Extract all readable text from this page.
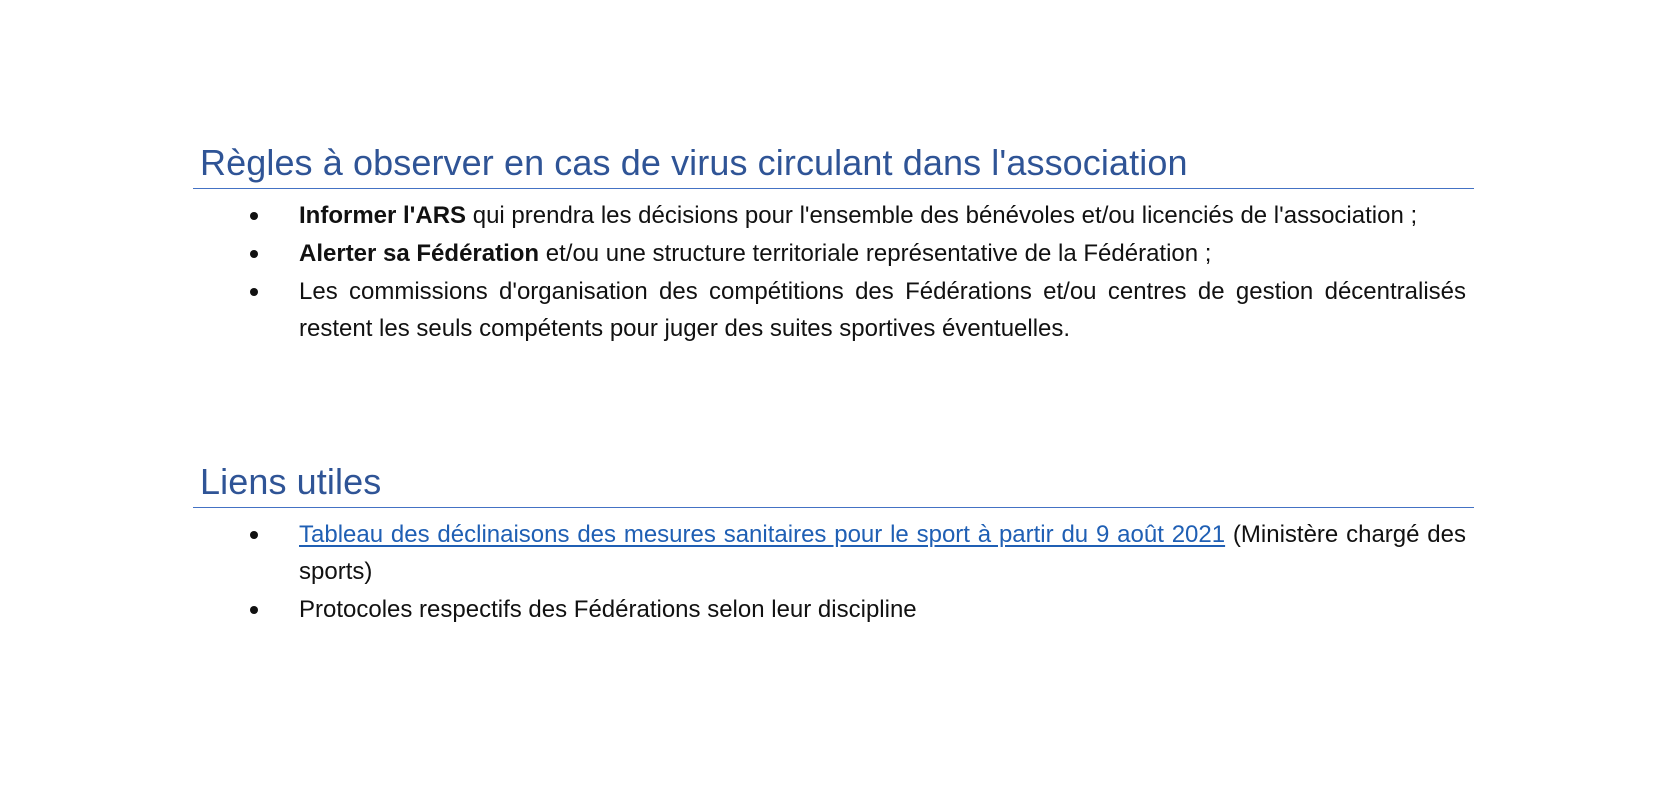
Règles à observer en cas de virus circulant dans l'association
Informer l'ARS qui prendra les décisions pour l'ensemble des bénévoles et/ou licenciés de l'association ;
Alerter sa Fédération et/ou une structure territoriale représentative de la Fédération ;
Les commissions d'organisation des compétitions des Fédérations et/ou centres de gestion décentralisés restent les seuls compétents pour juger des suites sportives éventuelles.
Liens utiles
Tableau des déclinaisons des mesures sanitaires pour le sport à partir du 9 août 2021 (Ministère chargé des sports)
Protocoles respectifs des Fédérations selon leur discipline
